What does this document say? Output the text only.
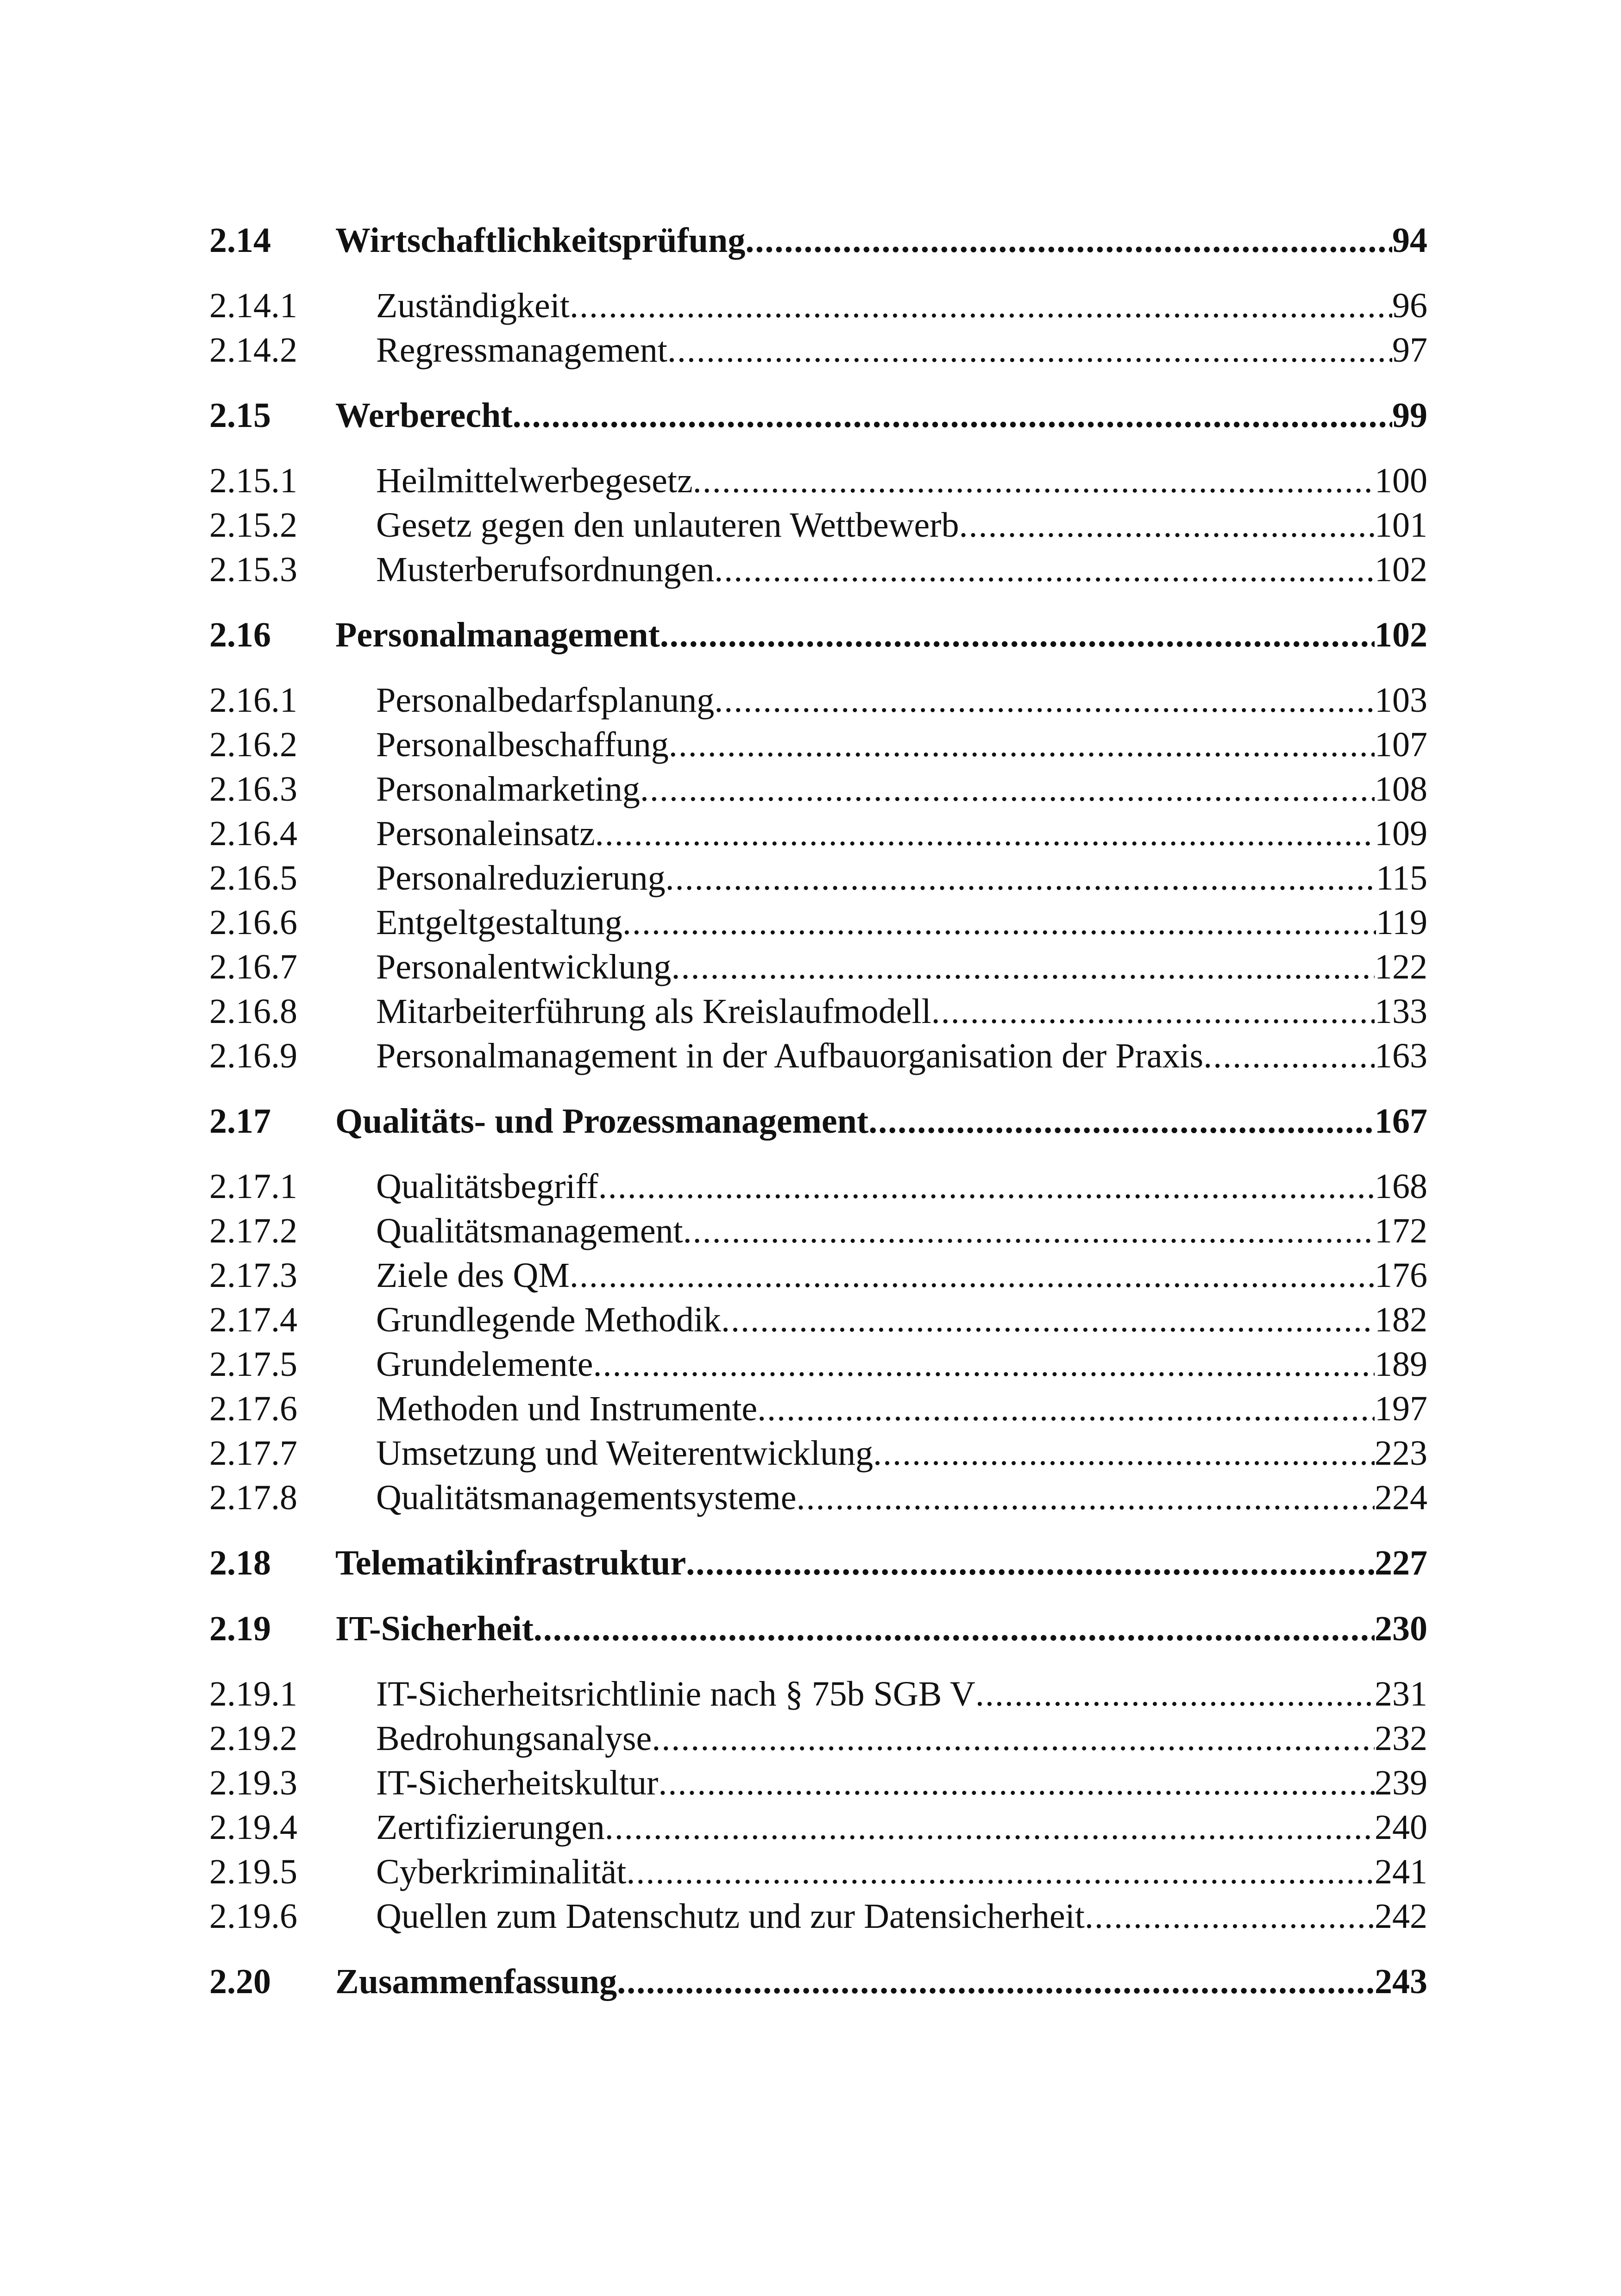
2.14	Wirtschaftlichkeitsprüfung .....	94
2.14.1	Zuständigkeit .....	96
2.14.2	Regressmanagement .....	97
2.15	Werberecht .....	99
2.15.1	Heilmittelwerbegesetz .....	100
2.15.2	Gesetz gegen den unlauteren Wettbewerb .....	101
2.15.3	Musterberufsordnungen .....	102
2.16	Personalmanagement .....	102
2.16.1	Personalbedarfsplanung .....	103
2.16.2	Personalbeschaffung .....	107
2.16.3	Personalmarketing .....	108
2.16.4	Personaleinsatz .....	109
2.16.5	Personalreduzierung .....	115
2.16.6	Entgeltgestaltung .....	119
2.16.7	Personalentwicklung .....	122
2.16.8	Mitarbeiterführung als Kreislaufmodell .....	133
2.16.9	Personalmanagement in der Aufbauorganisation der Praxis .....	163
2.17	Qualitäts- und Prozessmanagement .....	167
2.17.1	Qualitätsbegriff .....	168
2.17.2	Qualitätsmanagement .....	172
2.17.3	Ziele des QM .....	176
2.17.4	Grundlegende Methodik .....	182
2.17.5	Grundelemente .....	189
2.17.6	Methoden und Instrumente .....	197
2.17.7	Umsetzung und Weiterentwicklung .....	223
2.17.8	Qualitätsmanagementsysteme .....	224
2.18	Telematikinfrastruktur .....	227
2.19	IT-Sicherheit .....	230
2.19.1	IT-Sicherheitsrichtlinie nach § 75b SGB V .....	231
2.19.2	Bedrohungsanalyse .....	232
2.19.3	IT-Sicherheitskultur .....	239
2.19.4	Zertifizierungen .....	240
2.19.5	Cyberkriminalität .....	241
2.19.6	Quellen zum Datenschutz und zur Datensicherheit .....	242
2.20	Zusammenfassung .....	243
